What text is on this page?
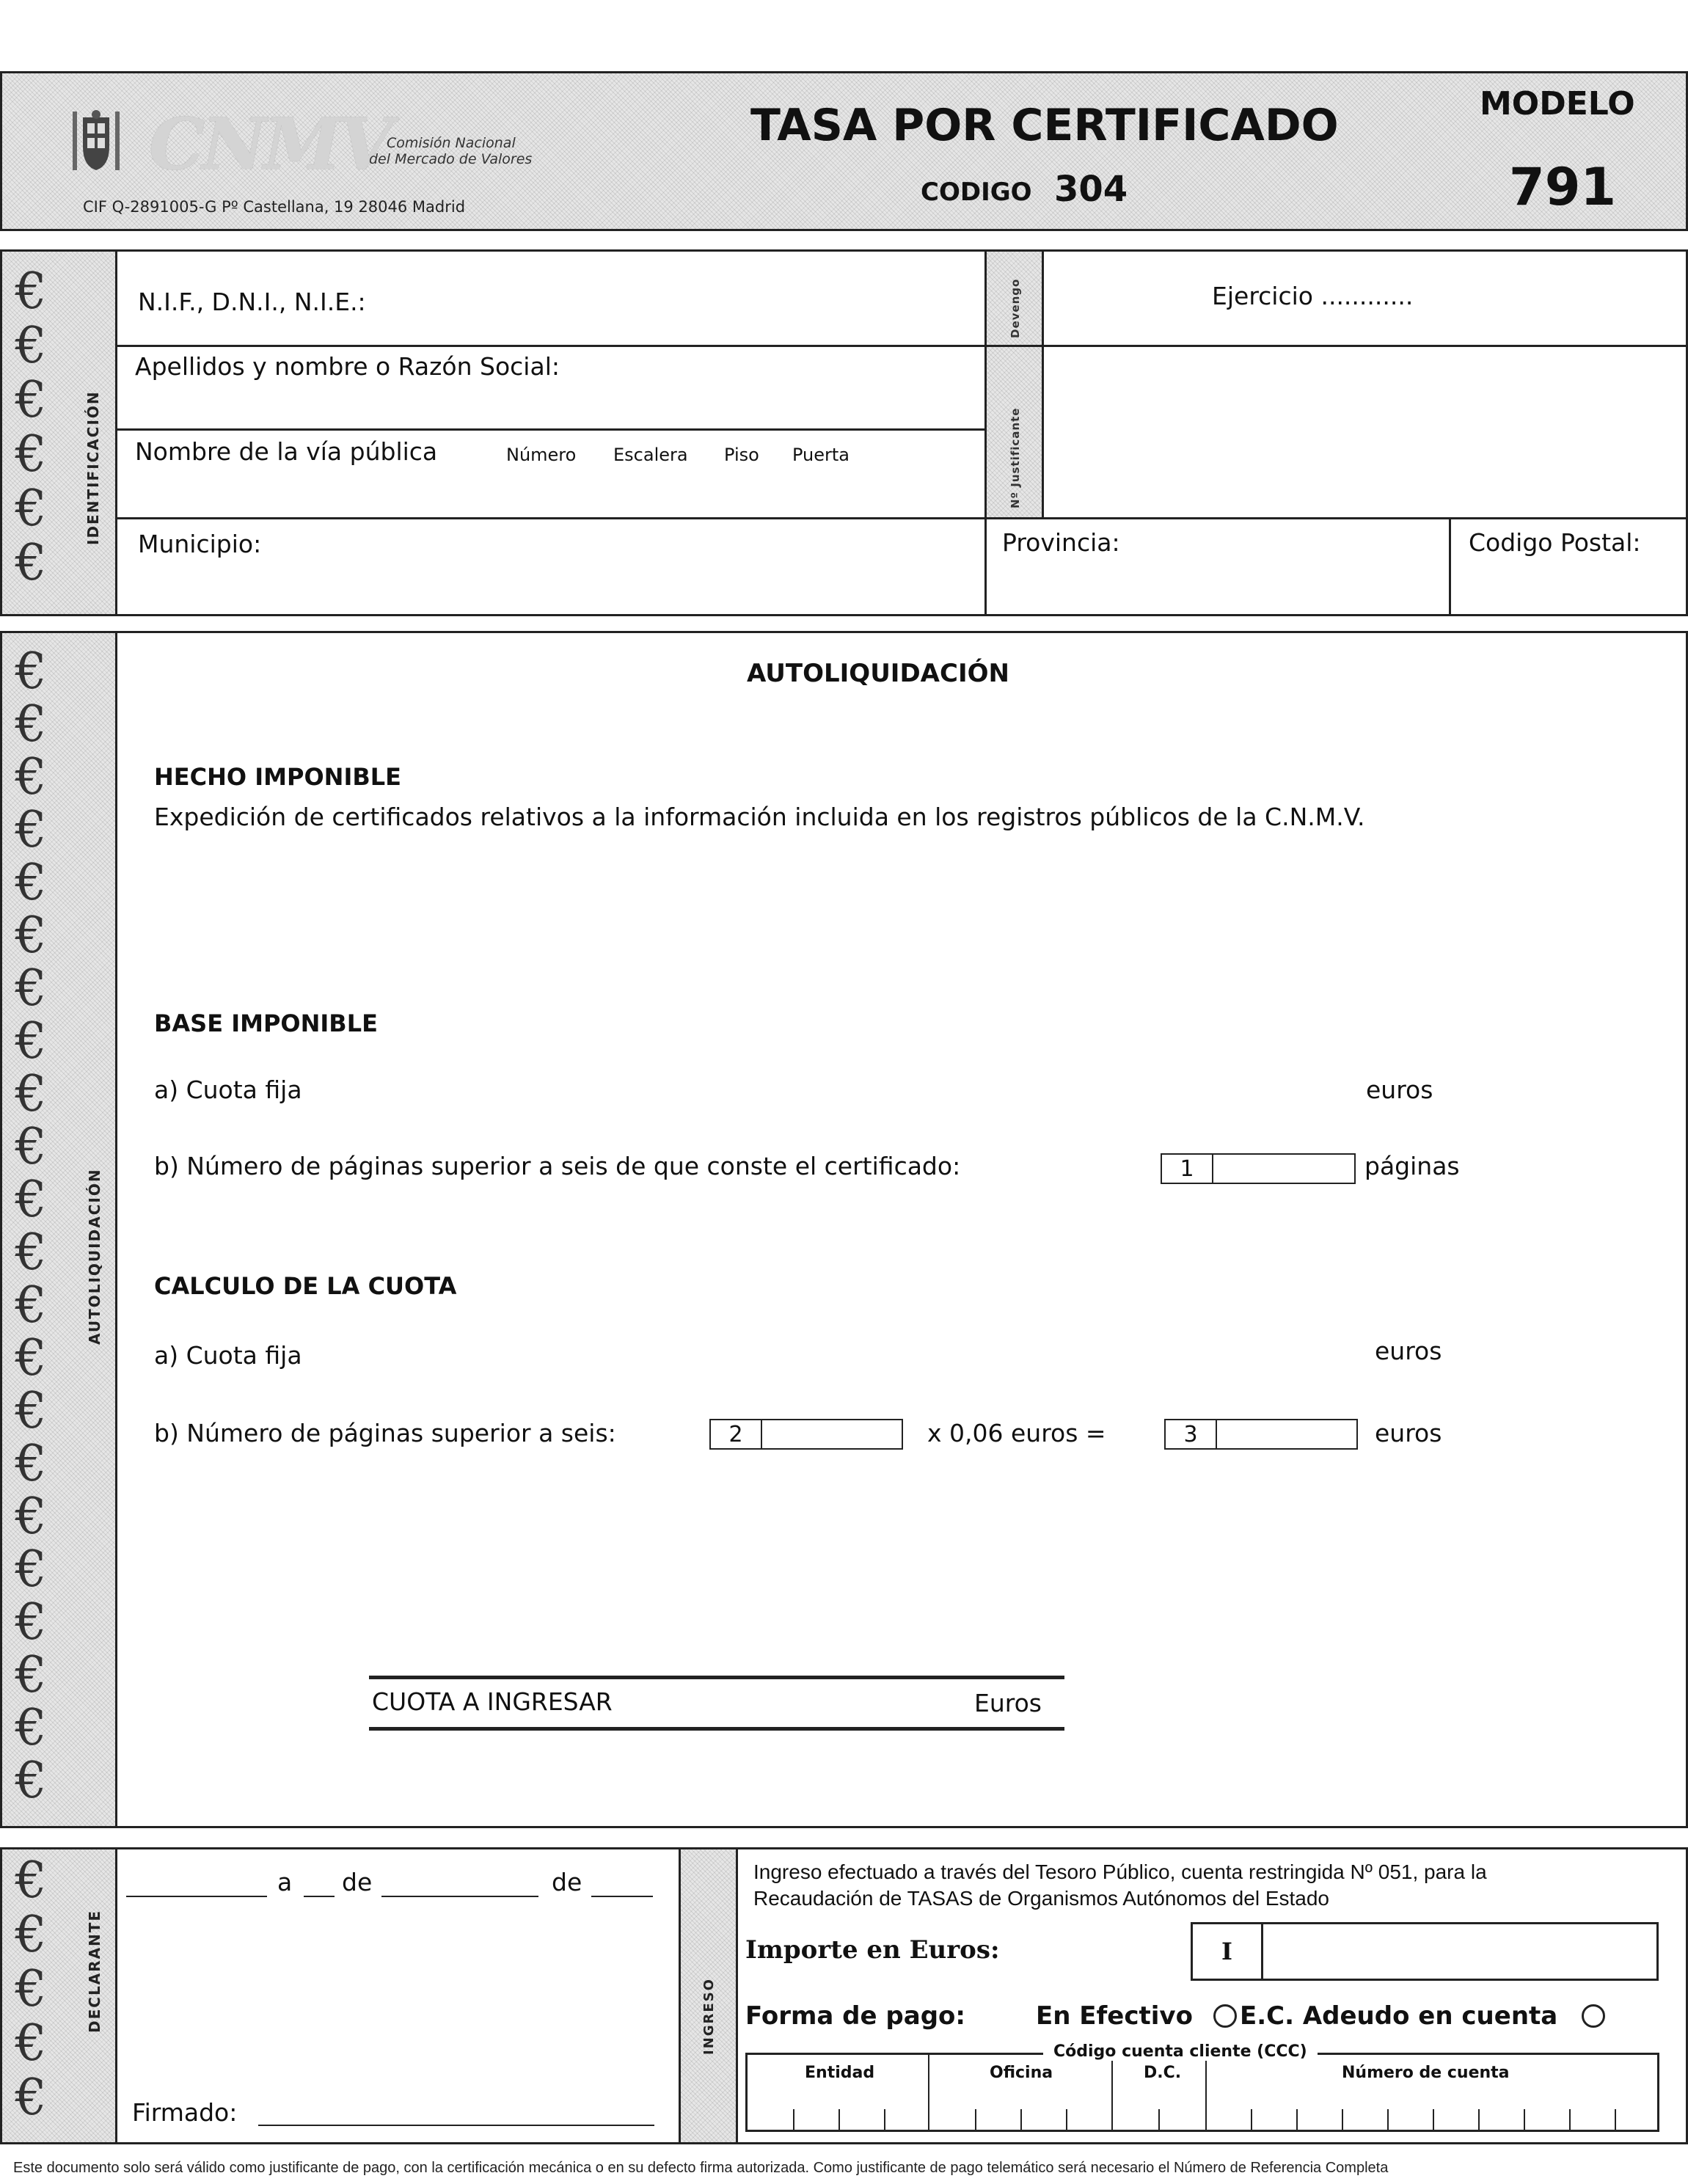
CNMV
Comisión Nacional
del Mercado de Valores
CIF Q-2891005-G Pº Castellana, 19 28046 Madrid
TASA POR CERTIFICADO
CODIGO 304
MODELO
791
€
€
€
€
€
€
IDENTIFICACIÓN
Devengo
Nº Justificante
N.I.F., D.N.I., N.I.E.:	Ejercicio ............
Apellidos y nombre o Razón Social:
Nombre de la vía pública	Número Escalera Piso Puerta
Municipio:	Provincia:	Codigo Postal:
€
€
€
€
€
€
€
€
€
€
€
€
€
€
€
€
€
€
€
€
€
€
AUTOLIQUIDACIÓN
AUTOLIQUIDACIÓN
HECHO IMPONIBLE
Expedición de certificados relativos a la información incluida en los registros públicos de la C.N.M.V.
BASE IMPONIBLE
a) Cuota fija	euros
b) Número de páginas superior a seis de que conste el certificado:	1	páginas
CALCULO DE LA CUOTA
a) Cuota fija	euros
b) Número de páginas superior a seis:	2	x 0,06 euros =	3	euros
CUOTA A INGRESAR	Euros
€
€
€
€
€
DECLARANTE
a de	de
Firmado:
INGRESO
Ingreso efectuado a través del Tesoro Público, cuenta restringida Nº 051, para la
Recaudación de TASAS de Organismos Autónomos del Estado
Importe en Euros:	I
Forma de pago:	En Efectivo E.C. Adeudo en cuenta
Entidad	Oficina	D.C.	Número de cuenta
Código cuenta cliente (CCC)
Este documento solo será válido como justificante de pago, con la certificación mecánica o en su defecto firma autorizada. Como justificante de pago telemático será necesario el Número de Referencia Completa
